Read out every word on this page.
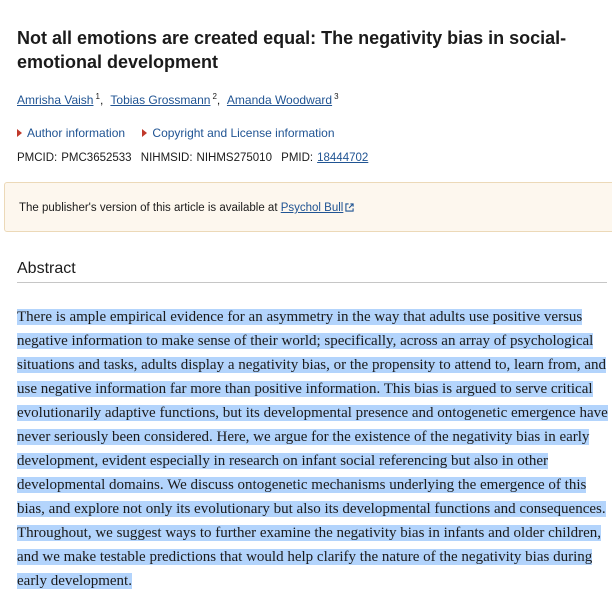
Not all emotions are created equal: The negativity bias in social-emotional development
Amrisha Vaish $^1$, Tobias Grossmann $^2$, Amanda Woodward $^3$
Author information Copyright and License information
PMCID: PMC3652533 NIHMSID: NIHMS275010 PMID: 18444702
The publisher's version of this article is available at Psychol Bull
Abstract

There is ample empirical evidence for an asymmetry in the way that adults use positive versus negative information to make sense of their world; specifically, across an array of psychological situations and tasks, adults display a negativity bias, or the propensity to attend to, learn from, and use negative information far more than positive information. This bias is argued to serve critical evolutionarily adaptive functions, but its developmental presence and ontogenetic emergence have never seriously been considered. Here, we argue for the existence of the negativity bias in early development, evident especially in research on infant social referencing but also in other developmental domains. We discuss ontogenetic mechanisms underlying the emergence of this bias, and explore not only its evolutionary but also its developmental functions and consequences. Throughout, we suggest ways to further examine the negativity bias in infants and older children, and we make testable predictions that would help clarify the nature of the negativity bias during early development.
